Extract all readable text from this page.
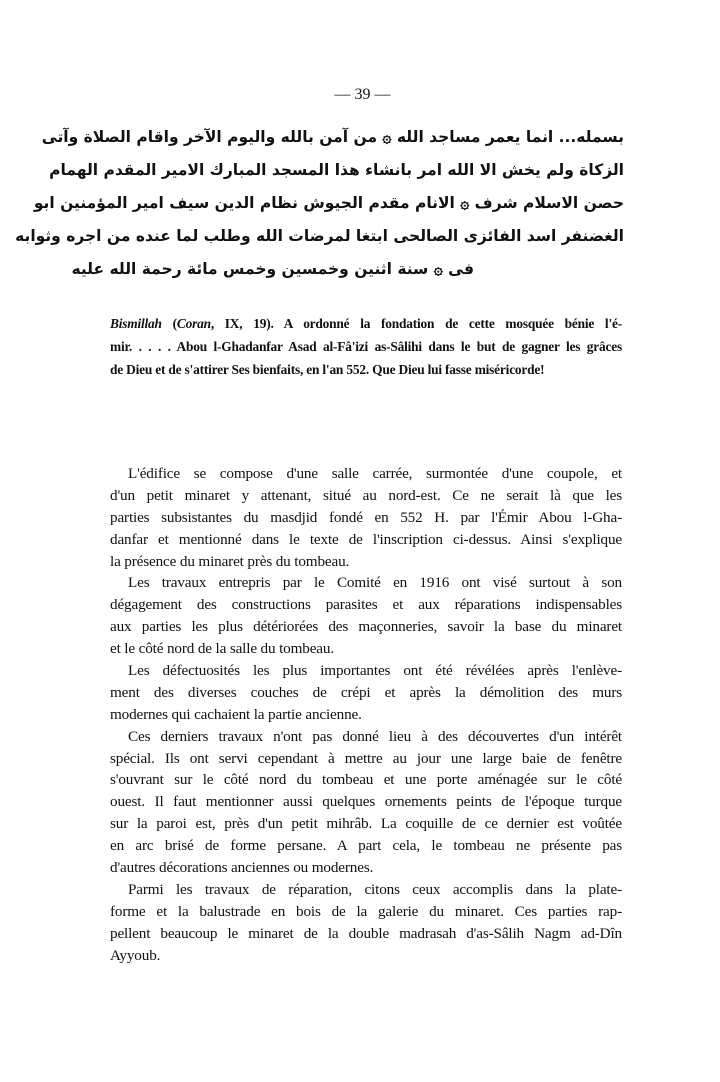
— 39 —
بسمله... انما يعمر مساجد الله ۞ من آمن بالله واليوم الآخر واقام الصلاة وآتى
الزكاة ولم يخش الا الله امر بانشاء هذا المسجد المبارك الامير المقدم الهمام
حصن الاسلام شرف ۞ الانام مقدم الجيوش نظام الدين سيف امير المؤمنين ابو
الغضنفر اسد الفائزى الصالحى ابتغا لمرضات الله وطلب لما عنده من اجره وثوابه
فى ۞ سنة اثنين وخمسين وخمس مائة رحمة الله عليه
Bismillah (Coran, IX, 19). A ordonné la fondation de cette mosquée bénie l'é-
mir. . . . . Abou l-Ghadanfar Asad al-Fâ'izi as-Sâlihi dans le but de gagner les grâces
de Dieu et de s'attirer Ses bienfaits, en l'an 552. Que Dieu lui fasse miséricorde!
L'édifice se compose d'une salle carrée, surmontée d'une coupole, et
d'un petit minaret y attenant, situé au nord-est. Ce ne serait là que les
parties subsistantes du masdjid fondé en 552 H. par l'Émir Abou l-Gha-
danfar et mentionné dans le texte de l'inscription ci-dessus. Ainsi s'explique
la présence du minaret près du tombeau.
Les travaux entrepris par le Comité en 1916 ont visé surtout à son
dégagement des constructions parasites et aux réparations indispensables
aux parties les plus détériorées des maçonneries, savoir la base du minaret
et le côté nord de la salle du tombeau.
Les défectuosités les plus importantes ont été révélées après l'enlève-
ment des diverses couches de crépi et après la démolition des murs
modernes qui cachaient la partie ancienne.
Ces derniers travaux n'ont pas donné lieu à des découvertes d'un intérêt
spécial. Ils ont servi cependant à mettre au jour une large baie de fenêtre
s'ouvrant sur le côté nord du tombeau et une porte aménagée sur le côté
ouest. Il faut mentionner aussi quelques ornements peints de l'époque turque
sur la paroi est, près d'un petit mihrâb. La coquille de ce dernier est voûtée
en arc brisé de forme persane. A part cela, le tombeau ne présente pas
d'autres décorations anciennes ou modernes.
Parmi les travaux de réparation, citons ceux accomplis dans la plate-
forme et la balustrade en bois de la galerie du minaret. Ces parties rap-
pellent beaucoup le minaret de la double madrasah d'as-Sâlih Nagm ad-Dîn
Ayyoub.
